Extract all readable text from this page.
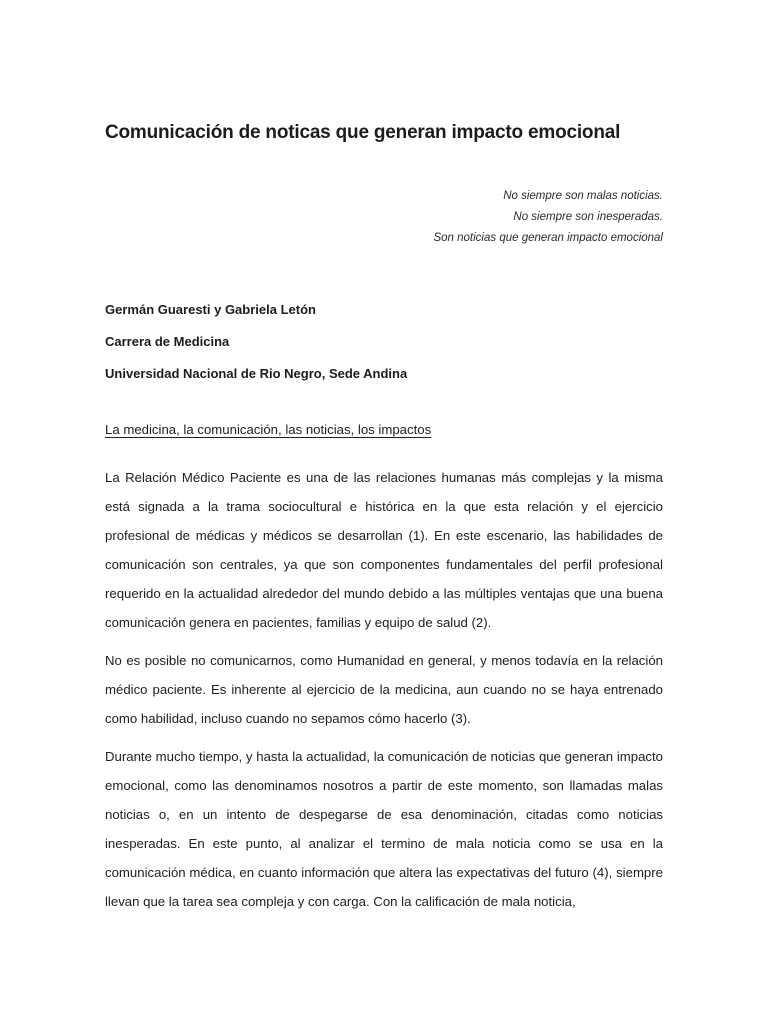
Comunicación de noticas que generan impacto emocional
No siempre son malas noticias.
No siempre son inesperadas.
Son noticias que generan impacto emocional

Germán Guaresti y Gabriela Letón

Carrera de Medicina

Universidad Nacional de Rio Negro, Sede Andina

La medicina, la comunicación, las noticias, los impactos

La Relación Médico Paciente es una de las relaciones humanas más complejas y la misma está signada a la trama sociocultural e histórica en la que esta relación y el ejercicio profesional de médicas y médicos se desarrollan (1). En este escenario, las habilidades de comunicación son centrales, ya que son componentes fundamentales del perfil profesional requerido en la actualidad alrededor del mundo debido a las múltiples ventajas que una buena comunicación genera en pacientes, familias y equipo de salud (2).

No es posible no comunicarnos, como Humanidad en general, y menos todavía en la relación médico paciente. Es inherente al ejercicio de la medicina, aun cuando no se haya entrenado como habilidad, incluso cuando no sepamos cómo hacerlo (3).

Durante mucho tiempo, y hasta la actualidad, la comunicación de noticias que generan impacto emocional, como las denominamos nosotros a partir de este momento, son llamadas malas noticias o, en un intento de despegarse de esa denominación, citadas como noticias inesperadas. En este punto, al analizar el termino de mala noticia como se usa en la comunicación médica, en cuanto información que altera las expectativas del futuro (4), siempre llevan que la tarea sea compleja y con carga. Con la calificación de mala noticia,
